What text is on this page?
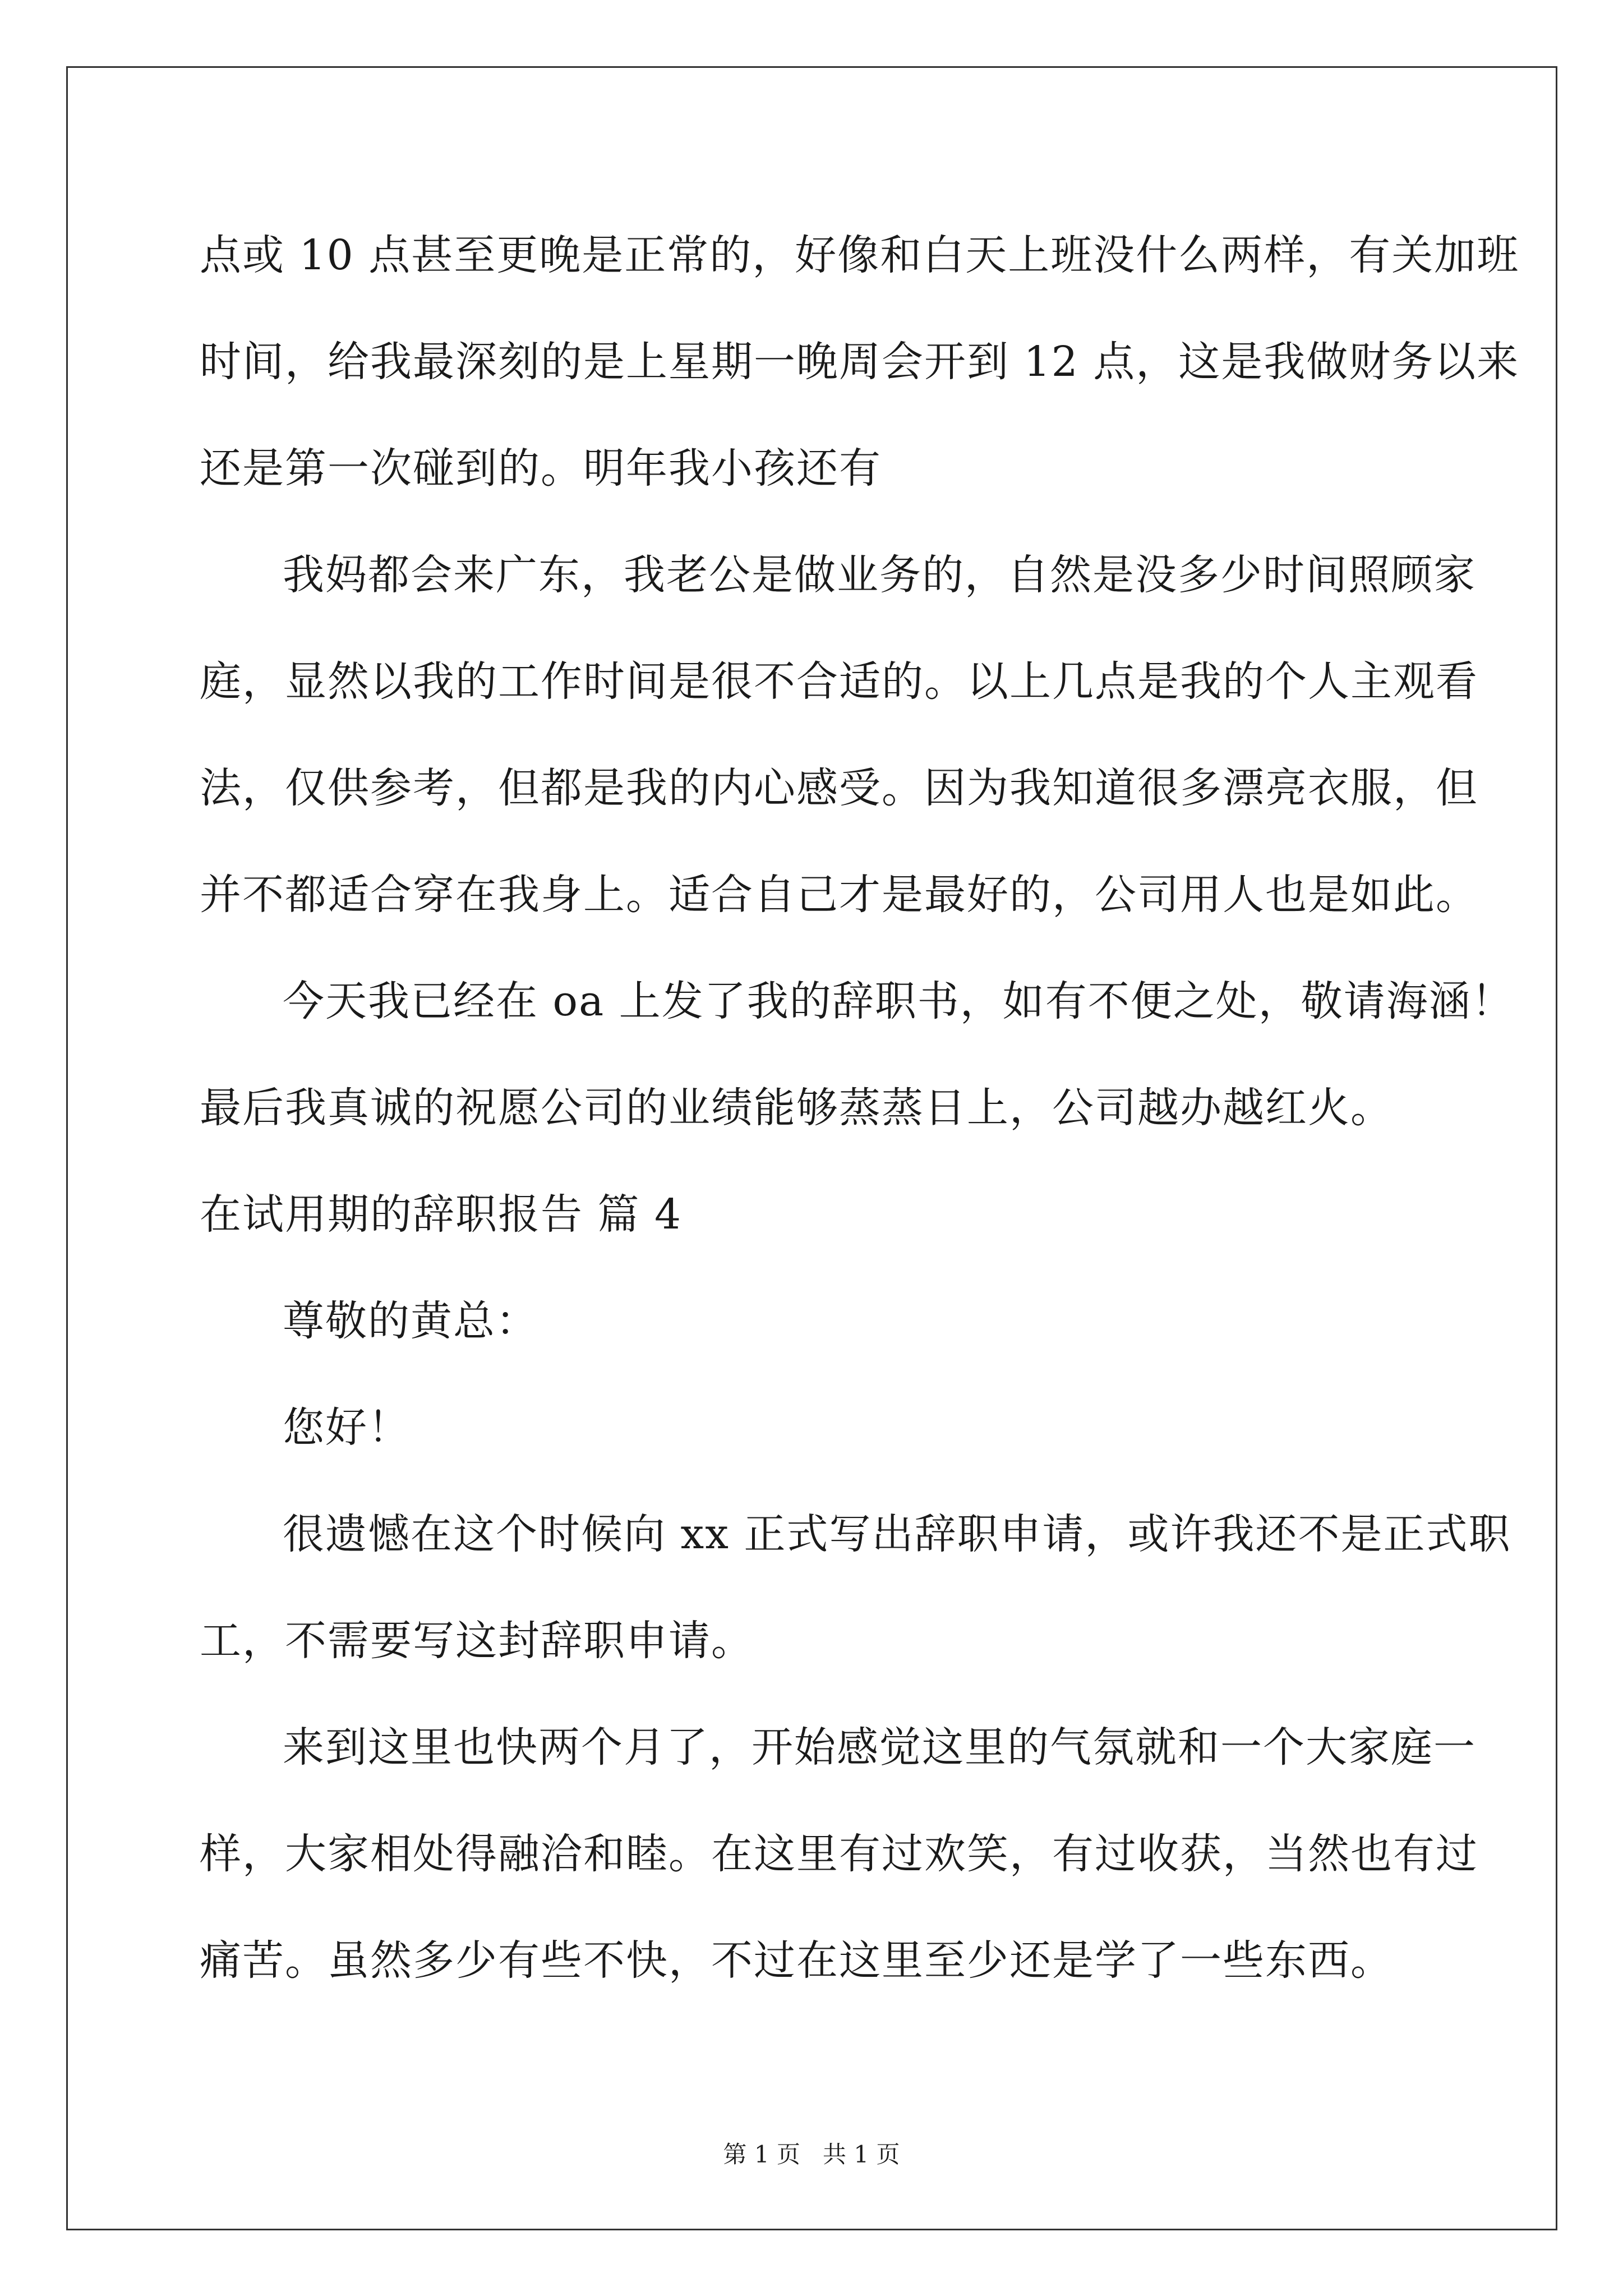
点或 10 点甚至更晚是正常的，好像和白天上班没什么两样，有关加班
时间，给我最深刻的是上星期一晚周会开到 12 点，这是我做财务以来
还是第一次碰到的。明年我小孩还有
我妈都会来广东，我老公是做业务的，自然是没多少时间照顾家
庭，显然以我的工作时间是很不合适的。以上几点是我的个人主观看
法，仅供参考，但都是我的内心感受。因为我知道很多漂亮衣服，但
并不都适合穿在我身上。适合自己才是最好的，公司用人也是如此。
今天我已经在 oa 上发了我的辞职书，如有不便之处，敬请海涵！
最后我真诚的祝愿公司的业绩能够蒸蒸日上，公司越办越红火。
在试用期的辞职报告 篇 4
尊敬的黄总：
您好！
很遗憾在这个时候向 xx 正式写出辞职申请，或许我还不是正式职
工，不需要写这封辞职申请。
来到这里也快两个月了，开始感觉这里的气氛就和一个大家庭一
样，大家相处得融洽和睦。在这里有过欢笑，有过收获，当然也有过
痛苦。虽然多少有些不快，不过在这里至少还是学了一些东西。
第 1 页   共 1 页
